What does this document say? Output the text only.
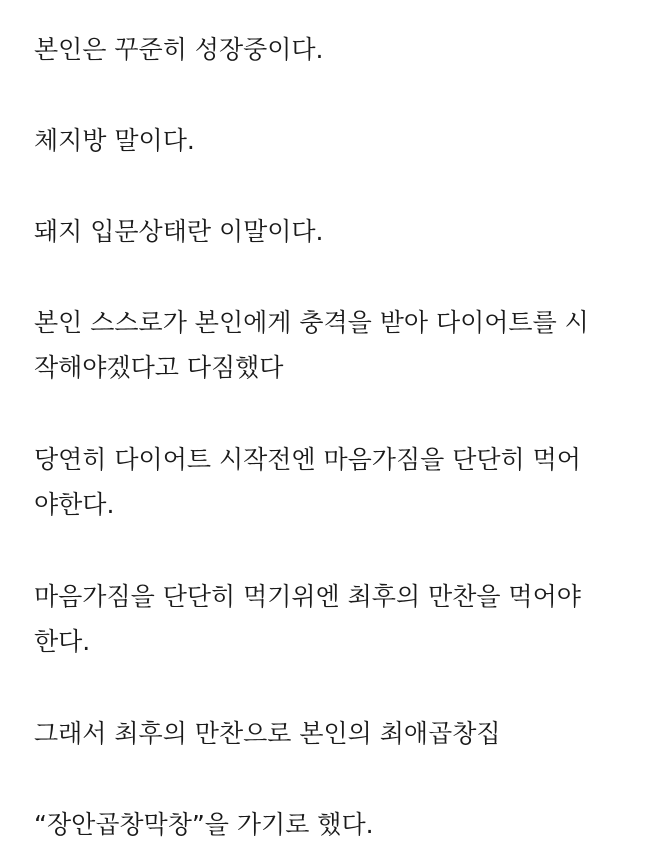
본인은 꾸준히 성장중이다.

체지방 말이다.

돼지 입문상태란 이말이다.

본인 스스로가 본인에게 충격을 받아 다이어트를 시
작해야겠다고 다짐했다

당연히 다이어트 시작전엔 마음가짐을 단단히 먹어
야한다.

마음가짐을 단단히 먹기위엔 최후의 만찬을 먹어야
한다.

그래서 최후의 만찬으로 본인의 최애곱창집

“장안곱창막창”을 가기로 했다.
